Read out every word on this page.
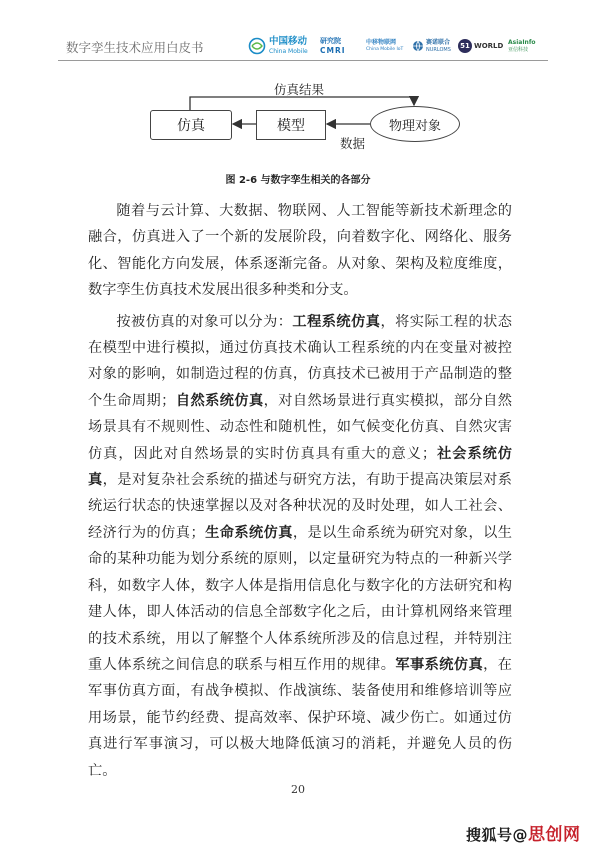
数字孪生技术应用白皮书	中国移动
China Mobile
研究院
CMRI
中移物联网
China Mobile IoT
赛诺联合
NURLOMS	51 WORLD AsiaInfo
亚信科技
仿真结果
仿真	模型	物理对象
数据
图 2-6 与数字孪生相关的各部分

随着与云计算、大数据、物联网、人工智能等新技术新理念的融合，仿真进入了一个新的发展阶段，向着数字化、网络化、服务化、智能化方向发展，体系逐渐完备。从对象、架构及粒度维度，数字孪生仿真技术发展出很多种类和分支。

按被仿真的对象可以分为：工程系统仿真，将实际工程的状态在模型中进行模拟，通过仿真技术确认工程系统的内在变量对被控对象的影响，如制造过程的仿真，仿真技术已被用于产品制造的整个生命周期；自然系统仿真，对自然场景进行真实模拟，部分自然场景具有不规则性、动态性和随机性，如气候变化仿真、自然灾害仿真，因此对自然场景的实时仿真具有重大的意义；社会系统仿真，是对复杂社会系统的描述与研究方法，有助于提高决策层对系统运行状态的快速掌握以及对各种状况的及时处理，如人工社会、经济行为的仿真；生命系统仿真，是以生命系统为研究对象，以生命的某种功能为划分系统的原则，以定量研究为特点的一种新兴学科，如数字人体，数字人体是指用信息化与数字化的方法研究和构建人体，即人体活动的信息全部数字化之后，由计算机网络来管理的技术系统，用以了解整个人体系统所涉及的信息过程，并特别注重人体系统之间信息的联系与相互作用的规律。军事系统仿真，在军事仿真方面，有战争模拟、作战演练、装备使用和维修培训等应用场景，能节约经费、提高效率、保护环境、减少伤亡。如通过仿真进行军事演习，可以极大地降低演习的消耗，并避免人员的伤亡。

20
搜狐号@思创网
